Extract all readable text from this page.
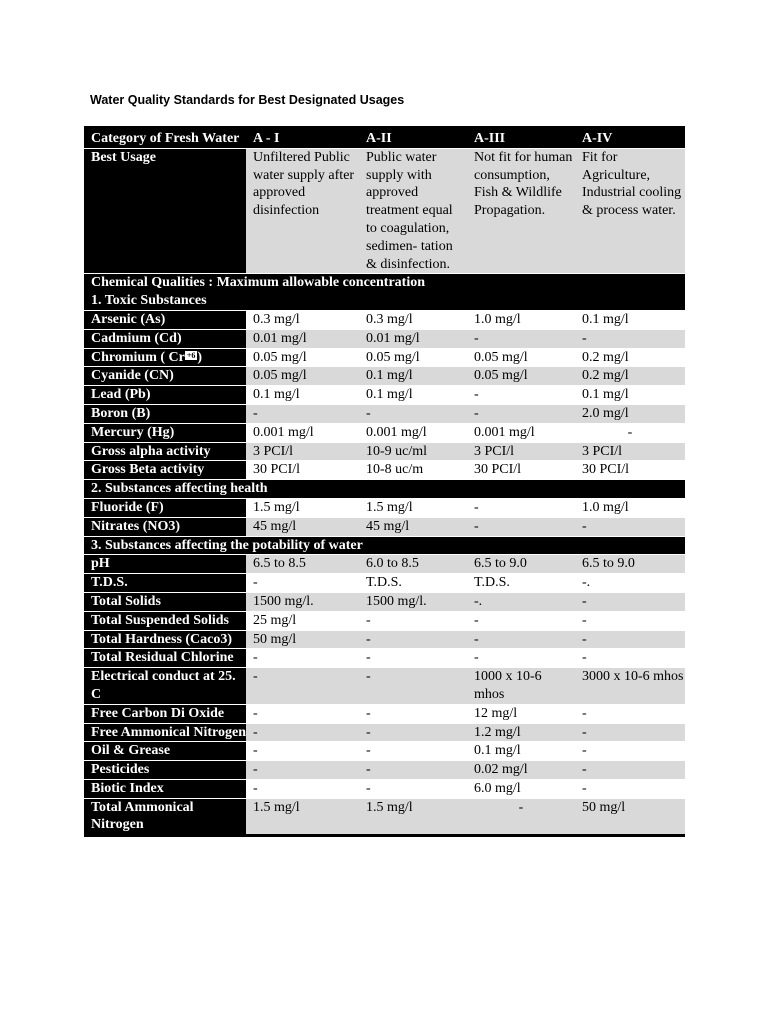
Water Quality Standards for Best Designated Usages
Category of Fresh Water	A - I	A-II	A-III	A-IV
Best Usage	Unfiltered Public water supply after approved disinfection	Public water supply with approved treatment equal to coagulation, sedimen- tation & disinfection.	Not fit for human consumption, Fish & Wildlife Propagation.	Fit for Agriculture, Industrial cooling & process water.

Chemical Qualities : Maximum allowable concentration
1. Toxic Substances				

Arsenic (As)	0.3 mg/l	0.3 mg/l	1.0 mg/l	0.1 mg/l
Cadmium (Cd)	0.01 mg/l	0.01 mg/l	-	-
Chromium ( Cr +6 )	0.05 mg/l	0.05 mg/l	0.05 mg/l	0.2 mg/l
Cyanide (CN)	0.05 mg/l	0.1 mg/l	0.05 mg/l	0.2 mg/l
Lead (Pb)	0.1 mg/l	0.1 mg/l	-	0.1 mg/l
Boron (B)	-	-	-	2.0 mg/l
Mercury (Hg)	0.001 mg/l	0.001 mg/l	0.001 mg/l	-
Gross alpha activity	3 PCI/l	10-9 uc/ml	3 PCI/l	3 PCI/l
Gross Beta activity	30 PCI/l	10-8 uc/m	30 PCI/l	30 PCI/l
2. Substances affecting health				
Fluoride (F)	1.5 mg/l	1.5 mg/l	-	1.0 mg/l
Nitrates (NO3)	45 mg/l	45 mg/l	-	-
3. Substances affecting the potability of water				
pH	6.5 to 8.5	6.0 to 8.5	6.5 to 9.0	6.5 to 9.0
T.D.S.	-	T.D.S.	T.D.S.	-.
Total Solids	1500 mg/l.	1500 mg/l.	-.	-
Total Suspended Solids	25 mg/l	-	-	-
Total Hardness (Caco3)	50 mg/l	-	-	-
Total Residual Chlorine	-	-	-	-
Electrical conduct at 25. C	-	-	1000 x 10-6 mhos	3000 x 10-6 mhos
Free Carbon Di Oxide	-	-	12 mg/l	-
Free Ammonical Nitrogen	-	-	1.2 mg/l	-
Oil & Grease	-	-	0.1 mg/l	-
Pesticides	-	-	0.02 mg/l	-
Biotic Index	-	-	6.0 mg/l	-
Total Ammonical Nitrogen	1.5 mg/l	1.5 mg/l	-	50 mg/l
